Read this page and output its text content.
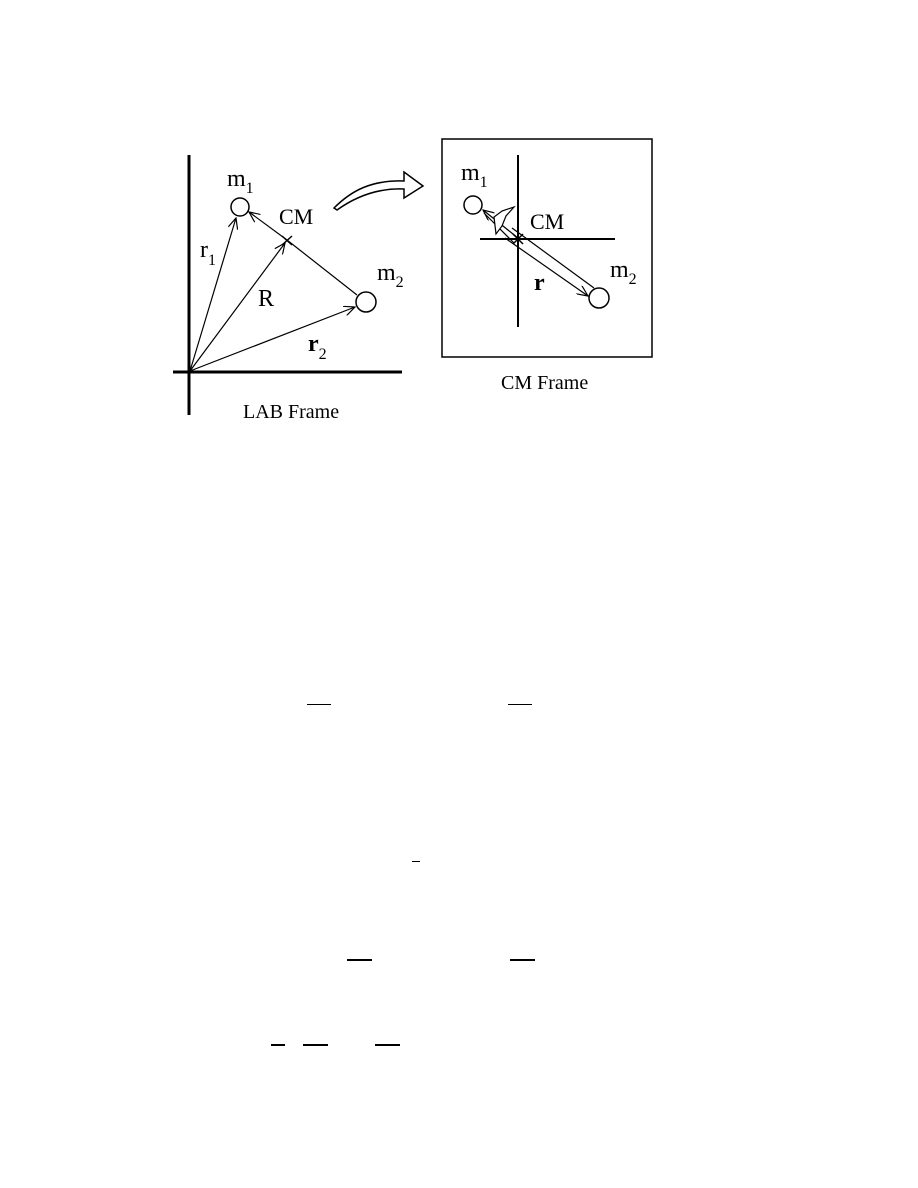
$m_1$
CM
$m_2$
$r_1$
R
$r_2$
LAB Frame
$m_1$
CM
$m_2$
r
CM Frame
